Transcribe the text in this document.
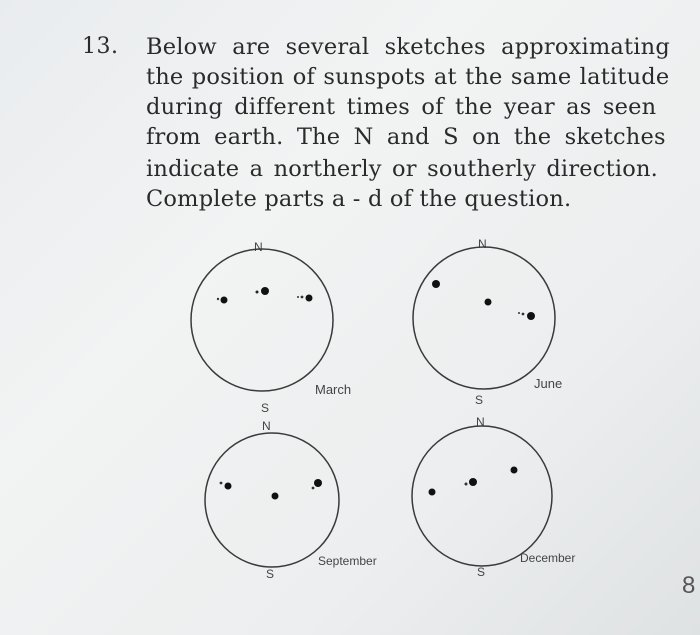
13. Below are several sketches approximating
the position of sunspots at the same latitude
during different times of the year as seen
from earth. The N and S on the sketches
indicate a northerly or southerly direction.
Complete parts a - d of the question.
N
March
S
N
June
S
N
September
S
N
December
S	8
